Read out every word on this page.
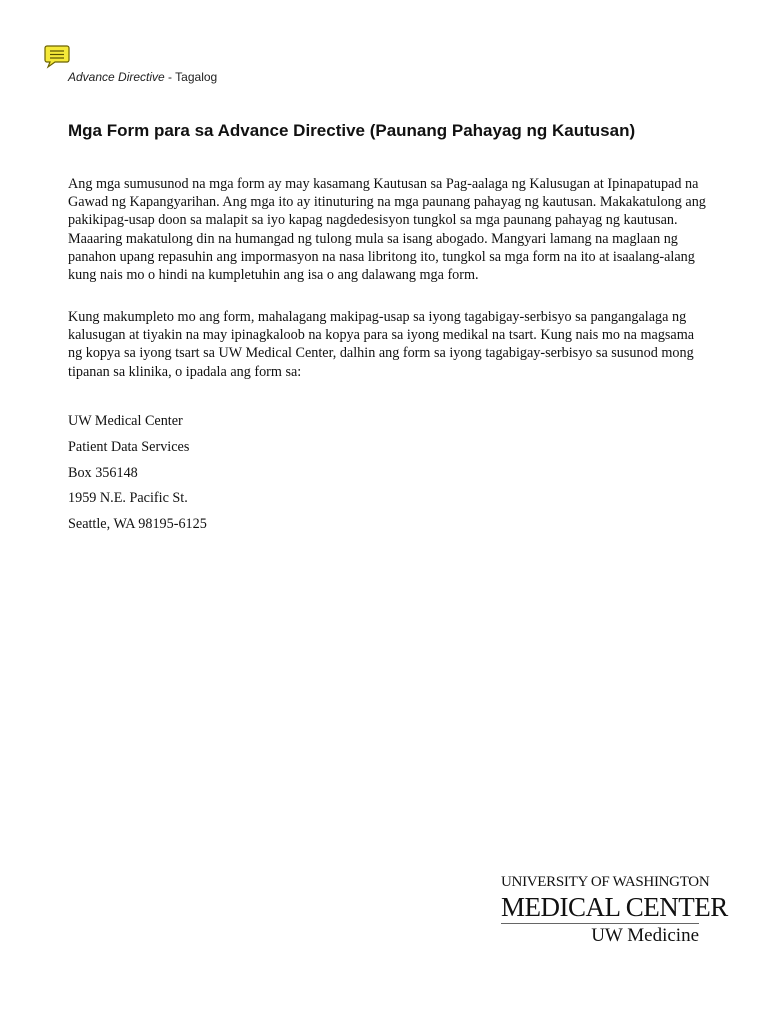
Advance Directive - Tagalog
Mga Form para sa Advance Directive (Paunang Pahayag ng Kautusan)

Ang mga sumusunod na mga form ay may kasamang Kautusan sa Pag-aalaga ng Kalusugan at Ipinapatupad na Gawad ng Kapangyarihan. Ang mga ito ay itinuturing na mga paunang pahayag ng kautusan. Makakatulong ang pakikipag-usap doon sa malapit sa iyo kapag nagdedesisyon tungkol sa mga paunang pahayag ng kautusan. Maaaring makatulong din na humangad ng tulong mula sa isang abogado. Mangyari lamang na maglaan ng panahon upang repasuhin ang impormasyon na nasa libritong ito, tungkol sa mga form na ito at isaalang-alang kung nais mo o hindi na kumpletuhin ang isa o ang dalawang mga form.

Kung makumpleto mo ang form, mahalagang makipag-usap sa iyong tagabigay-serbisyo sa pangangalaga ng kalusugan at tiyakin na may ipinagkaloob na kopya para sa iyong medikal na tsart. Kung nais mo na magsama ng kopya sa iyong tsart sa UW Medical Center, dalhin ang form sa iyong tagabigay-serbisyo sa susunod mong tipanan sa klinika, o ipadala ang form sa:

UW Medical Center
Patient Data Services
Box 356148
1959 N.E. Pacific St.
Seattle, WA 98195-6125
UNIVERSITY OF WASHINGTON
MEDICAL CENTER
UW Medicine
